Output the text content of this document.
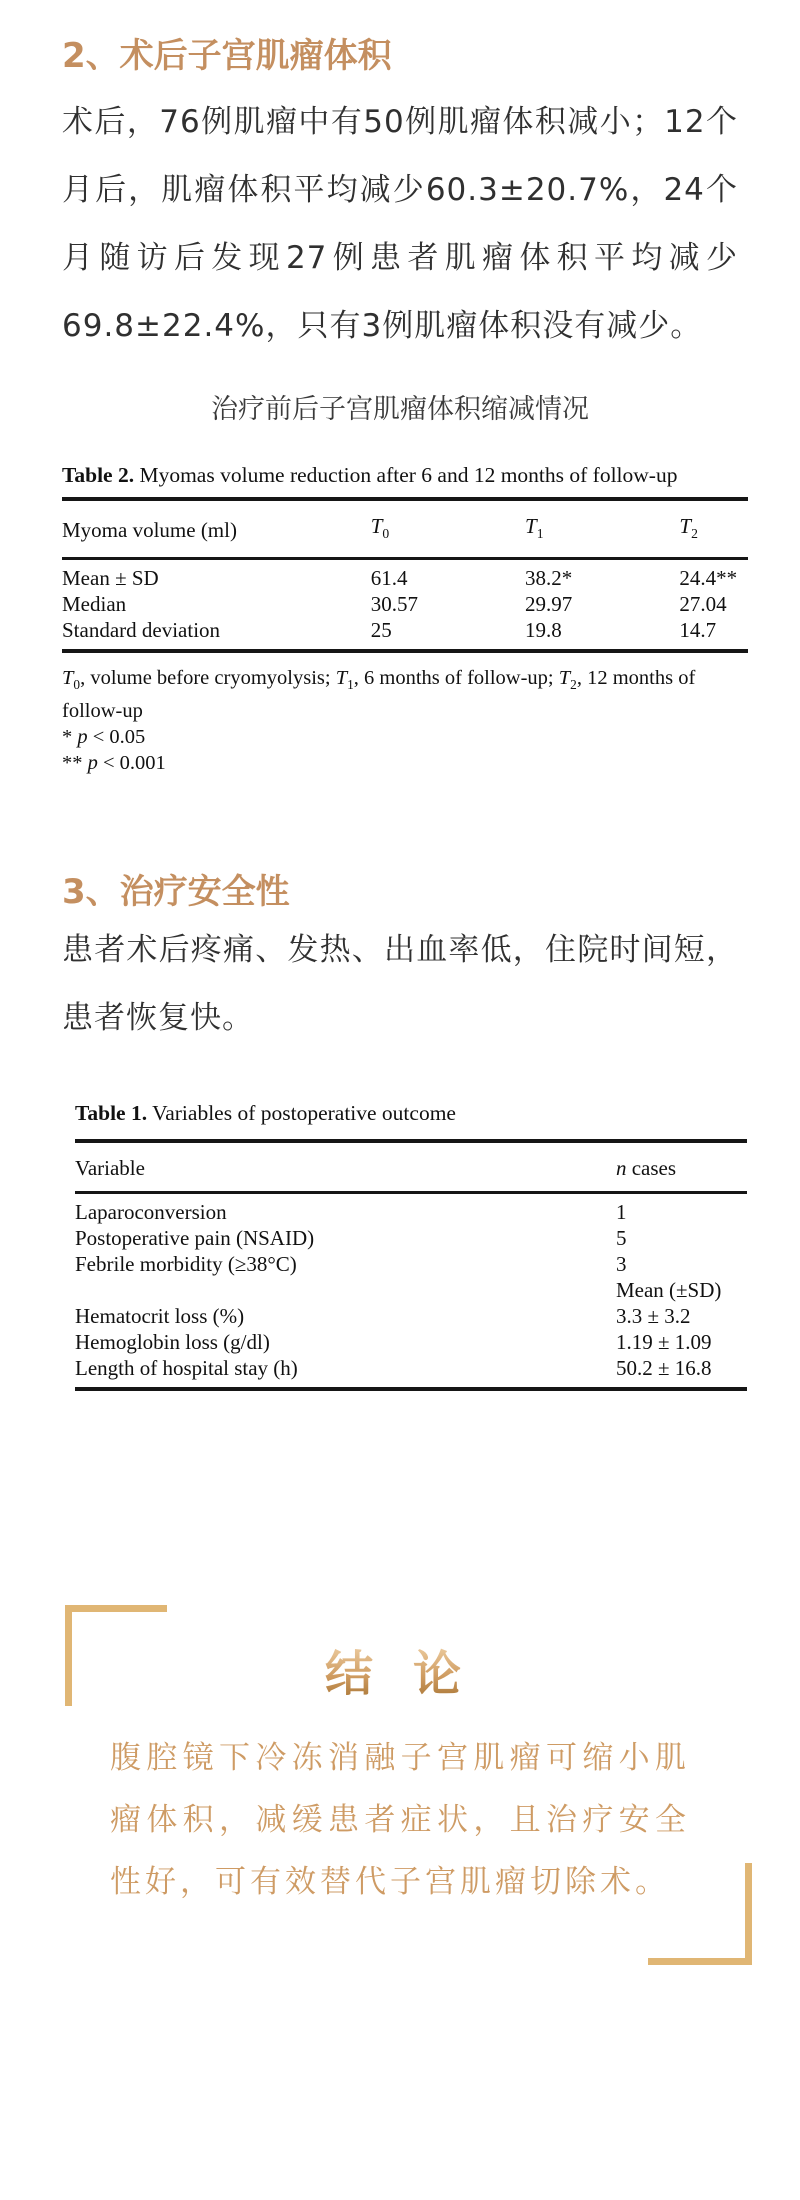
2、术后子宫肌瘤体积

术后，76例肌瘤中有50例肌瘤体积减小；12个月后，肌瘤体积平均减少60.3±20.7%，24个月随访后发现27例患者肌瘤体积平均减少69.8±22.4%，只有3例肌瘤体积没有减少。

治疗前后子宫肌瘤体积缩减情况

Table 2. Myomas volume reduction after 6 and 12 months of follow-up

Myoma volume (ml)	$T_0$	$T_1$	$T_2$
Mean ± SD	61.4	38.2*	24.4**
Median	30.57	29.97	27.04
Standard deviation	25	19.8	14.7

$T_0$, volume before cryomyolysis; $T_1$, 6 months of follow-up; $T_2$, 12 months of follow-up

* p < 0.05

** p < 0.001

3、治疗安全性

患者术后疼痛、发热、出血率低，住院时间短，患者恢复快。

Table 1. Variables of postoperative outcome

Variable	n cases
Laparoconversion	1
Postoperative pain (NSAID)	5
Febrile morbidity (≥38°C)	3
	Mean (±SD)
Hematocrit loss (%)	3.3 ± 3.2
Hemoglobin loss (g/dl)	1.19 ± 1.09
Length of hospital stay (h)	50.2 ± 16.8
结 论

腹腔镜下冷冻消融子宫肌瘤可缩小肌瘤体积，减缓患者症状，且治疗安全性好，可有效替代子宫肌瘤切除术。
